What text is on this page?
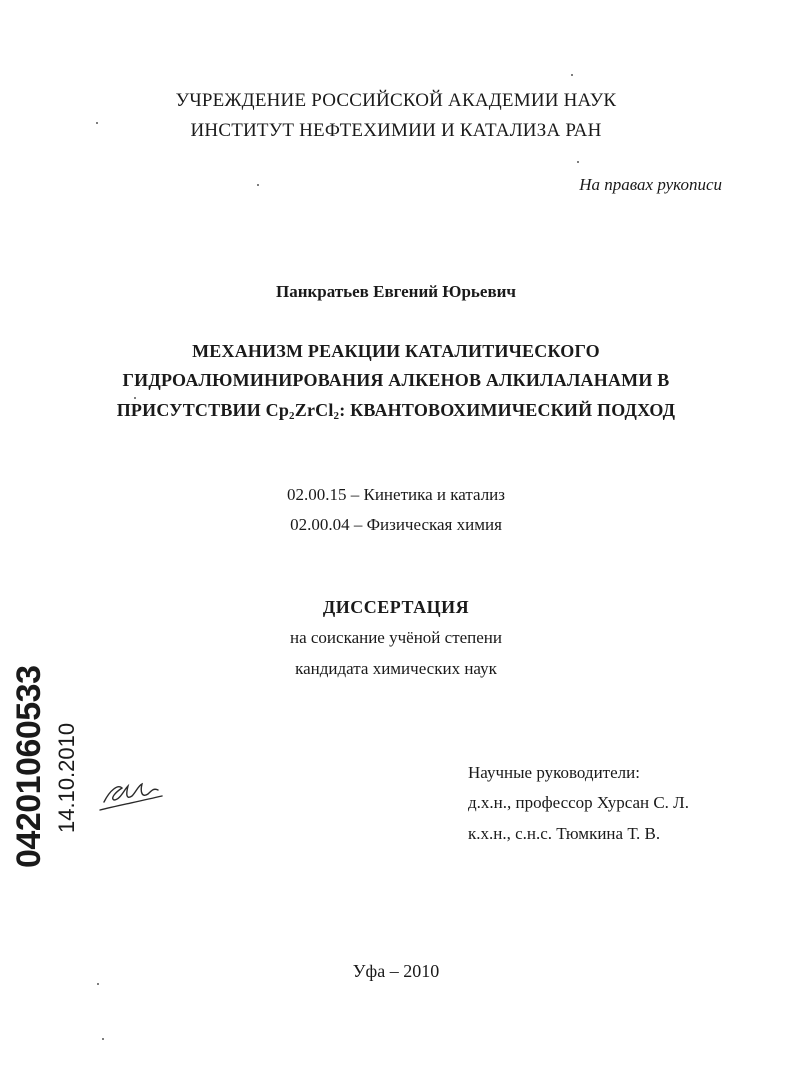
УЧРЕЖДЕНИЕ РОССИЙСКОЙ АКАДЕМИИ НАУК
ИНСТИТУТ НЕФТЕХИМИИ И КАТАЛИЗА РАН
На правах рукописи
Панкратьев Евгений Юрьевич
МЕХАНИЗМ РЕАКЦИИ КАТАЛИТИЧЕСКОГО
ГИДРОАЛЮМИНИРОВАНИЯ АЛКЕНОВ АЛКИЛАЛАНАМИ В
ПРИСУТСТВИИ $Cp_2ZrCl_2$: КВАНТОВОХИМИЧЕСКИЙ ПОДХОД
02.00.15 – Кинетика и катализ
02.00.04 – Физическая химия
ДИССЕРТАЦИЯ
на соискание учёной степени
кандидата химических наук
Научные руководители:
д.х.н., профессор Хурсан С. Л.
к.х.н., с.н.с. Тюмкина Т. В.
Уфа – 2010
04201060533 14.10.2010
